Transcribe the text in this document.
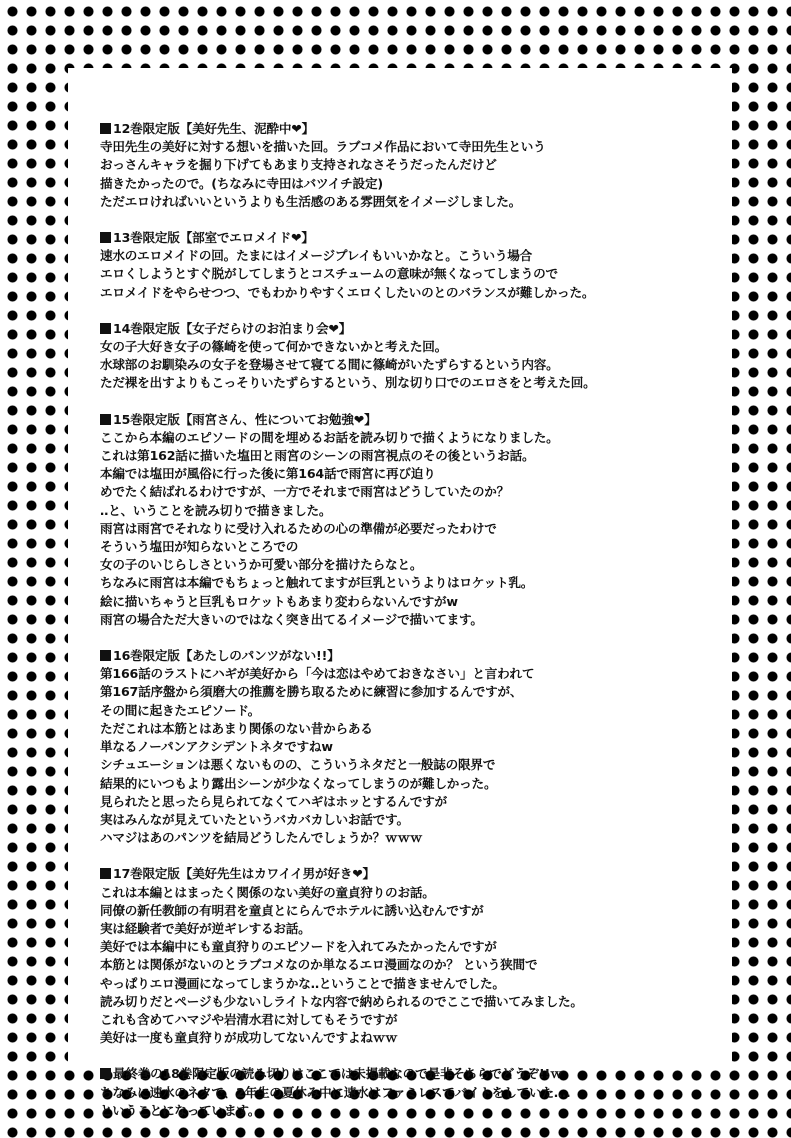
12巻限定版【美好先生、泥酔中❤】
寺田先生の美好に対する想いを描いた回。ラブコメ作品において寺田先生という
おっさんキャラを掘り下げてもあまり支持されなさそうだったんだけど
描きたかったので。(ちなみに寺田はバツイチ設定)
ただエロければいいというよりも生活感のある雰囲気をイメージしました。
13巻限定版【部室でエロメイド❤】
速水のエロメイドの回。たまにはイメージプレイもいいかなと。こういう場合
エロくしようとすぐ脱がしてしまうとコスチュームの意味が無くなってしまうので
エロメイドをやらせつつ、でもわかりやすくエロくしたいのとのバランスが難しかった。
14巻限定版【女子だらけのお泊まり会❤】
女の子大好き女子の篠崎を使って何かできないかと考えた回。
水球部のお馴染みの女子を登場させて寝てる間に篠崎がいたずらするという内容。
ただ裸を出すよりもこっそりいたずらするという、別な切り口でのエロさをと考えた回。
15巻限定版【雨宮さん、性についてお勉強❤】
ここから本編のエピソードの間を埋めるお話を読み切りで描くようになりました。
これは第162話に描いた塩田と雨宮のシーンの雨宮視点のその後というお話。
本編では塩田が風俗に行った後に第164話で雨宮に再び迫り
めでたく結ばれるわけですが、一方でそれまで雨宮はどうしていたのか？
‥と、いうことを読み切りで描きました。
雨宮は雨宮でそれなりに受け入れるための心の準備が必要だったわけで
そういう塩田が知らないところでの
女の子のいじらしさというか可愛い部分を描けたらなと。
ちなみに雨宮は本編でもちょっと触れてますが巨乳というよりはロケット乳。
絵に描いちゃうと巨乳もロケットもあまり変わらないんですがw
雨宮の場合ただ大きいのではなく突き出てるイメージで描いてます。
16巻限定版【あたしのパンツがない!!】
第166話のラストにハギが美好から「今は恋はやめておきなさい」と言われて
第167話序盤から須磨大の推薦を勝ち取るために練習に参加するんですが、
その間に起きたエピソード。
ただこれは本筋とはあまり関係のない昔からある
単なるノーパンアクシデントネタですねw
シチュエーションは悪くないものの、こういうネタだと一般誌の限界で
結果的にいつもより露出シーンが少なくなってしまうのが難しかった。
見られたと思ったら見られてなくてハギはホッとするんですが
実はみんなが見えていたというバカバカしいお話です。
ハマジはあのパンツを結局どうしたんでしょうか？ｗｗｗ
17巻限定版【美好先生はカワイイ男が好き❤】
これは本編とはまったく関係のない美好の童貞狩りのお話。
同僚の新任教師の有明君を童貞とにらんでホテルに誘い込むんですが
実は経験者で美好が逆ギレするお話。
美好では本編中にも童貞狩りのエピソードを入れてみたかったんですが
本筋とは関係がないのとラブコメなのか単なるエロ漫画なのか？ という狭間で
やっぱりエロ漫画になってしまうかな‥ということで描きませんでした。
読み切りだとページも少ないしライトな内容で納められるのでここで描いてみました。
これも含めてハマジや岩清水君に対してもそうですが
美好は一度も童貞狩りが成功してないんですよねｗｗ
最終巻の18巻限定版の読み切りはここでは未掲載なので是非そちらでどうぞ!!ｗ
ちなみに速水のネタで、2年生の夏休み中に速水はファミレスでバイトをしていた‥‥
ということになっています。
